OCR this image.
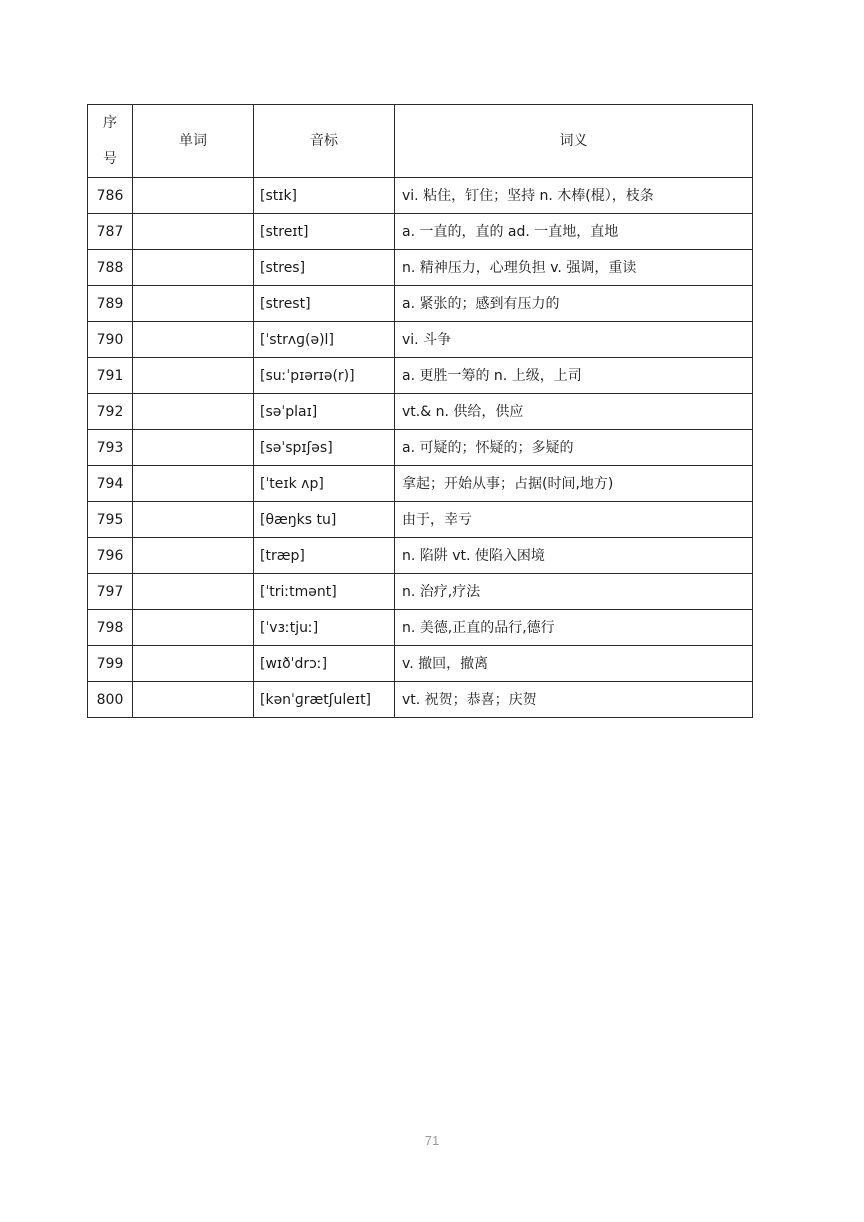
序
号	单词	音标	词义
786		[stɪk]	vi. 粘住，钉住；坚持 n. 木棒(棍），枝条
787		[streɪt]	a. 一直的，直的 ad. 一直地，直地
788		[stres]	n. 精神压力，心理负担 v. 强调，重读
789		[strest]	a. 紧张的；感到有压力的
790		[ˈstrʌɡ(ə)l]	vi. 斗争
791		[suːˈpɪərɪə(r)]	a. 更胜一筹的 n. 上级，上司
792		[səˈplaɪ]	vt.& n. 供给，供应
793		[səˈspɪʃəs]	a. 可疑的；怀疑的；多疑的
794		[ˈteɪk ʌp]	拿起；开始从事；占据(时间,地方)
795		[θæŋks tu]	由于，幸亏
796		[træp]	n. 陷阱 vt. 使陷入困境
797		[ˈtriːtmənt]	n. 治疗,疗法
798		[ˈvɜːtjuː]	n. 美德,正直的品行,德行
799		[wɪðˈdrɔː]	v. 撤回，撤离
800		[kənˈɡrætʃuleɪt]	vt. 祝贺；恭喜；庆贺
71
